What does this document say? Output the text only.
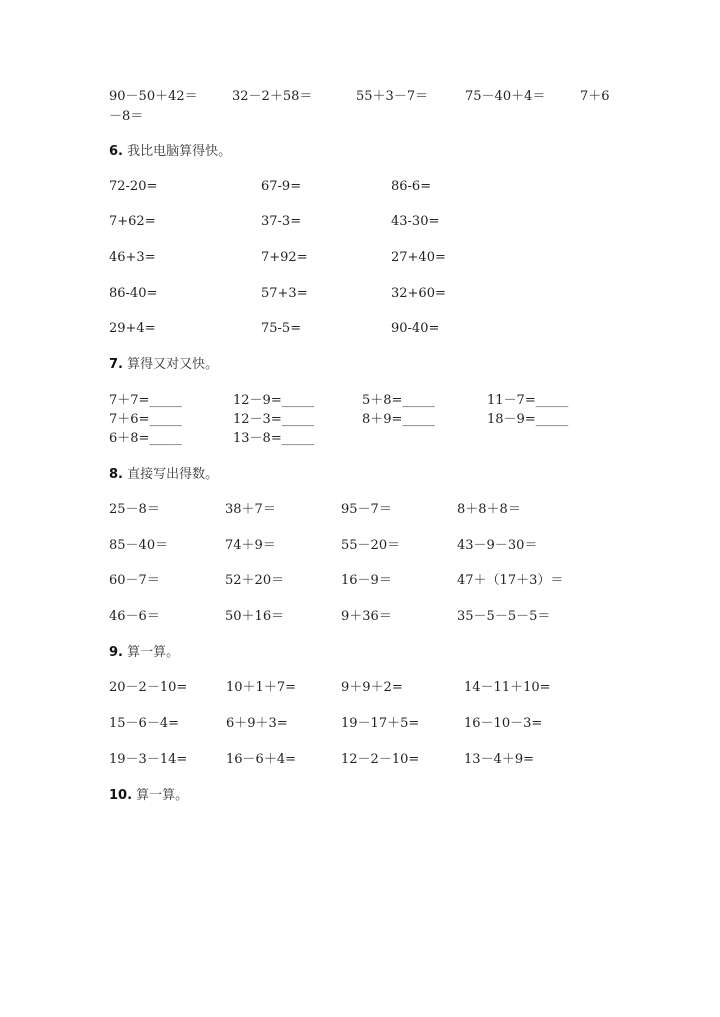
90－50＋42＝	32－2＋58＝	55＋3－7＝	75－40＋4＝	7＋6
－8＝
6. 我比电脑算得快。
72-20=	67-9=	86-6=
7+62=	37-3=	43-30=
46+3=	7+92=	27+40=
86-40=	57+3=	32+60=
29+4=	75-5=	90-40=
7. 算得又对又快。
7＋7=_____	12－9=_____	5＋8=_____	11－7=_____
7＋6=_____	12－3=_____	8＋9=_____	18－9=_____
6＋8=_____	13－8=_____
8. 直接写出得数。
25－8＝	38＋7＝	95－7＝	8＋8＋8＝
85－40＝	74＋9＝	55－20＝	43－9－30＝
60－7＝	52＋20＝	16－9＝	47＋（17＋3）＝
46－6＝	50＋16＝	9＋36＝	35－5－5－5＝
9. 算一算。
20－2－10=	10＋1＋7=	9＋9＋2=	14－11＋10=
15－6－4=	6＋9＋3=	19－17＋5=	16－10－3=
19－3－14=	16－6＋4=	12－2－10=	13－4＋9=
10. 算一算。
